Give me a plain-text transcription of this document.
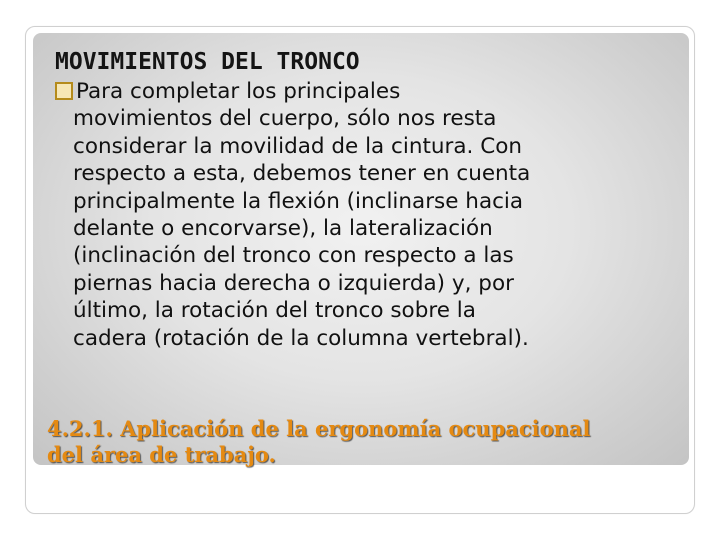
MOVIMIENTOS DEL TRONCO

Para completar los principales
movimientos del cuerpo, sólo nos resta
considerar la movilidad de la cintura. Con
respecto a esta, debemos tener en cuenta
principalmente la flexión (inclinarse hacia
delante o encorvarse), la lateralización
(inclinación del tronco con respecto a las
piernas hacia derecha o izquierda) y, por
último, la rotación del tronco sobre la
cadera (rotación de la columna vertebral).

4.2.1. Aplicación de la ergonomía ocupacional
del área de trabajo.
